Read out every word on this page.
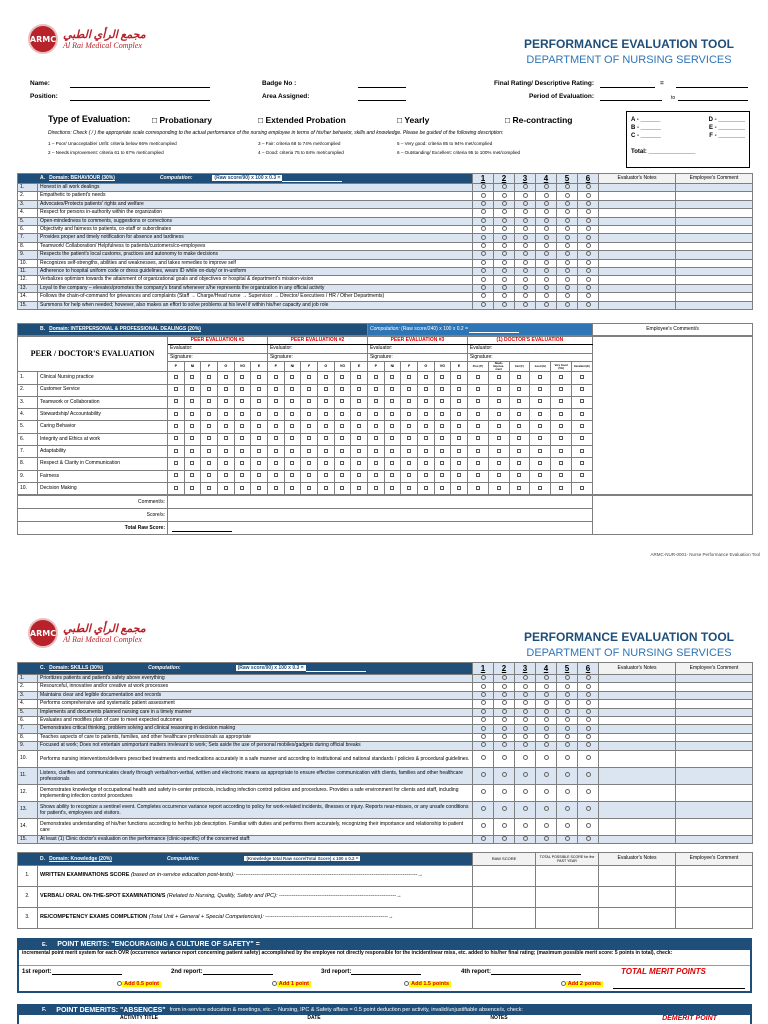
ARMC مجمع الرأي الطبي
Al Rai Medical Complex	PERFORMANCE EVALUATION TOOL
DEPARTMENT OF NURSING SERVICES
Name:
Position:
Badge No :
Area Assigned:
Final Rating/ Descriptive Rating:	=
Period of Evaluation:	to
Type of Evaluation:	□ Probationary	□ Extended Probation	□ Yearly	□ Re-contracting
Directions: Check ( / ) the appropriate scale corresponding to the actual performance of the nursing employee in terms of his/her behavior, skills and knowledge. Please be guided of the following description:
1 – Poor/ Unacceptable/ Unfit: criteria below 66% met/complied
2 – Needs improvement: criteria 61 to 67% met/complied
3 – Fair: criteria 68 to 74% met/complied
4 – Good: criteria 75 to 84% met/complied
5 – Very good: criteria 85 to 94% met/complied
6 – Outstanding/ Excellent: criteria 95 to 100% met/complied
A - ______	D - ________
B - ______	E - ________
C - ______	F - ________
Total: ______________
A. Domain: BEHAVIOUR (30%) Computation: (Raw score/90) x 100 x 0.3 =		1	2	3	4	5	6	Evaluator's Notes	Employee's Comment
1.	Honest in all work dealings								
2.	Empathetic to patient's needs								
3.	Advocates/Protects patients' rights and welfare								
4.	Respect for persons in-authority within the organization								
5.	Open-mindedness to comments, suggestions or corrections								
6.	Objectivity and fairness to patients, co-staff or subordinates								
7.	Provides proper and timely notification for absence and tardiness								
8.	Teamwork/ Collaboration/ Helpfulness to patients/customers/co-employees								
9.	Respects the patient's local customs, practices and autonomy to make decisions								
10.	Recognizes self-strengths, abilities and weaknesses, and takes remedies to improve self								
11.	Adherence to hospital uniform code or dress guidelines, wears ID while on-duty/ or in-uniform								
12.	Verbalizes optimism towards the attainment of organizational goals and objectives or hospital & department's mission-vision								
13.	Loyal to the company – elevates/promotes the company's brand whenever s/he represents the organization in any official activity								
14.	Follows the chain-of-command for grievances and complaints (Staff → Charge/Head nurse → Supervisor → Director/ Executives / HR / Other Departments)								
15.	Summons for help when needed; however, also makes an effort to solve problems at his level if within his/her capacity and job role								
B. Domain: INTERPERSONAL & PROFESSIONAL DEALINGS (20%)	Computation: (Raw score/240) x 100 x 0.2 =	Employee's Comment/s
PEER / DOCTOR'S EVALUATION		PEER EVALUATION #1						PEER EVALUATION #2						PEER EVALUATION #3						(1) DOCTOR'S EVALUATION						
		Evaluator:						Evaluator:						Evaluator:						Evaluator:						
		Signature:						Signature:						Signature:						Signature:						
		P	NI	F	G	VG	E	P	NI	F	G	VG	E	P	NI	F	G	VG	E	Poor (P)	Needs Improve-ment	Fair (F)	Good (G)	Very Good (VG)	Excellent (E)	
1.	Clinical Nursing practice																									
2.	Customer Service																									
3.	Teamwork or Collaboration																									
4.	Stewardship/ Accountability																									
5.	Caring Behavior																									
6.	Integrity and Ethics at work																									
7.	Adaptability																									
8.	Respect & Clarity in Communication																									
9.	Fairness																									
10.	Decision Making																									
Comment/s:		
Score/s:		
Total Raw Score:		
ARMC-NUR-0001- Nurse Performance Evaluation Tool
ARMC مجمع الرأي الطبي
Al Rai Medical Complex	PERFORMANCE EVALUATION TOOL
DEPARTMENT OF NURSING SERVICES
C. Domain: SKILLS (30%) Computation: (Raw score/90) x 100 x 0.3 =		1	2	3	4	5	6	Evaluator's Notes	Employee's Comment
1.	Prioritizes patients and patient's safety above everything								
2.	Resourceful, innovative and/or creative at work processes								
3.	Maintains clear and legible documentation and records								
4.	Performs comprehensive and systematic patient assessment								
5.	Implements and documents planned nursing care in a timely manner								
6.	Evaluates and modifies plan of care to meet expected outcomes								
7.	Demonstrates critical thinking, problem solving and clinical reasoning in decision making								
8.	Teaches aspects of care to patients, families, and other healthcare professionals as appropriate								
9.	Focused at work; Does not entertain unimportant matters irrelevant to work; Sets aside the use of personal mobiles/gadgets during official breaks								
10.	Performs nursing interventions/delivers prescribed treatments and medications accurately in a safe manner and according to institutional and national standards / policies & procedural guidelines.								
11.	Listens, clarifies and communicates clearly through verbal/non-verbal, written and electronic means as appropriate to ensure effective communication with clients, families and other healthcare professionals								
12.	Demonstrates knowledge of occupational health and safety in-center protocols, including infection control policies and procedures. Provides a safe environment for clients and staff, including implementing infection control procedures								
13.	Shows ability to recognize a sentinel event. Completes occurrence variance report according to policy for work-related incidents, illnesses or injury. Reports near-misses, or any unsafe conditions for patient's, employees and visitors.								
14.	Demonstrates understanding of his/her functions according to her/his job description. Familiar with duties and performs them accurately, recognizing their importance and relationship to patient care								
15.	At least (1) Clinic doctor's evaluation on the performance (clinic-specific) of the concerned staff:								
D. Domain: Knowledge (20%) Computation: (Knowledge total Raw score/Total Score) x 100 x 0.2 =		RAW SCORE	TOTAL POSSIBLE SCORE for the PAST YEAR	Evaluator's Notes	Employee's Comment
1.	WRITTEN EXAMINATIONS SCORE (based on in-service education post-tests): ---------------------------------------------------------------------------------------------------→				
2.	VERBAL/ ORAL ON-THE-SPOT EXAMINATION/S (Related to Nursing, Quality, Safety and IPC): ----------------------------------------------------------------→				
3.	RE/COMPETENCY EXAMS COMPLETION (Total Unit + General + Special Competencies): -------------------------------------------------------------------→				
E. POINT MERITS: "ENCOURAGING A CULTURE OF SAFETY" =
incremental point merit system for each OVR (occurrence variance report concerning patient safety) accomplished by the employee not directly responsible for the incident/near miss, etc. added to his/her final rating; (maximum possible merit score: 5 points in total), check:
1st report:	2nd report:	3rd report:	4th report:	TOTAL MERIT POINTS
Add 0.5 point	Add 1 point	Add 1.5 points	Add 2 points
F. POINT DEMERITS: "ABSENCES" from in-service education & meetings, etc. – Nursing, IPC & Safety affairs = 0.5 point deduction per activity, invalid/unjustifiable absence/s, check:
ACTIVITY TITLE	DATE	NOTES	DEMERIT POINT
